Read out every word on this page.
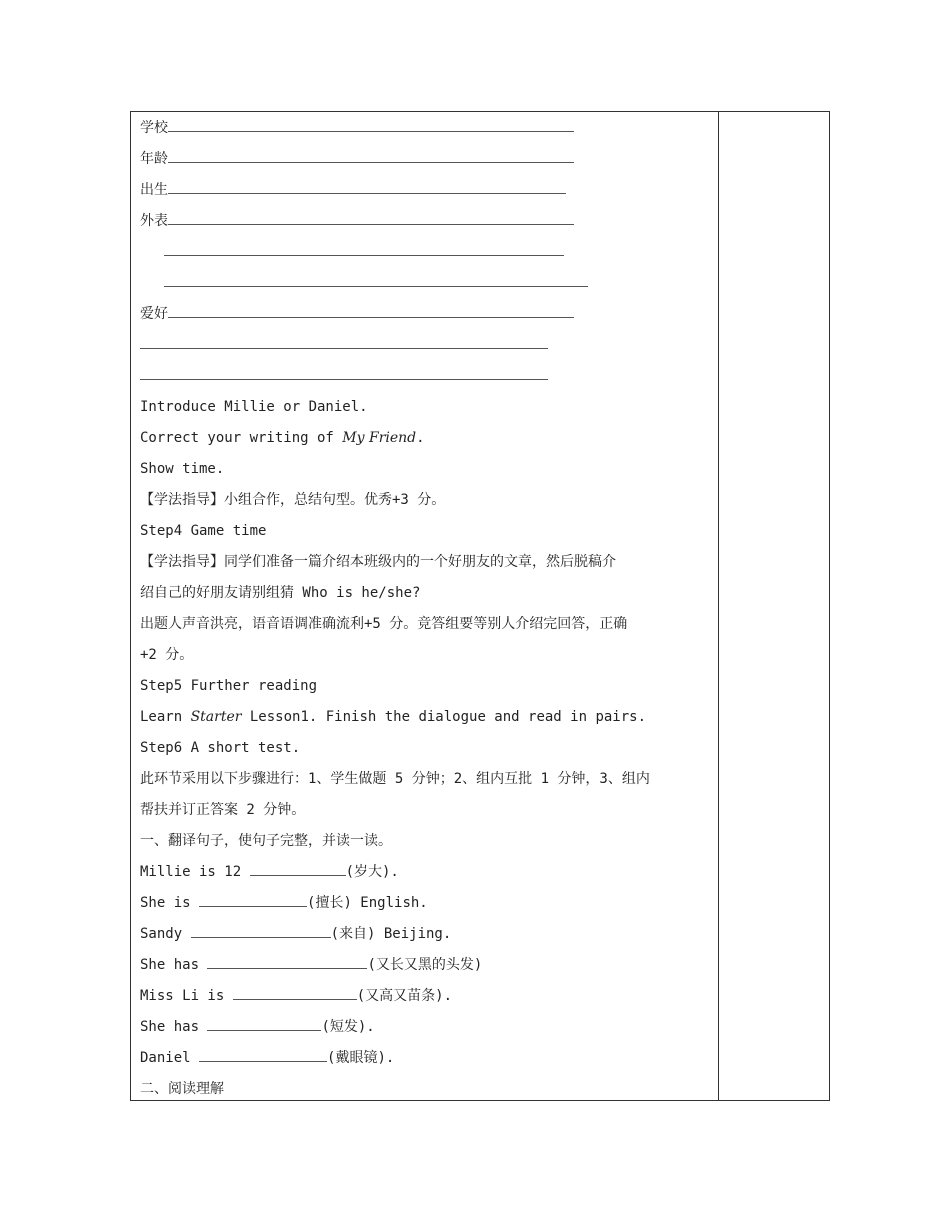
学校
年龄
出生
外表
爱好
Introduce Millie or Daniel.
Correct your writing of My Friend.
Show time.
【学法指导】小组合作，总结句型。优秀+3 分。
Step4 Game time
【学法指导】同学们准备一篇介绍本班级内的一个好朋友的文章，然后脱稿介
绍自己的好朋友请别组猜 Who is he/she?
出题人声音洪亮，语音语调准确流利+5 分。竞答组要等别人介绍完回答，正确
+2 分。
Step5 Further reading
Learn Starter Lesson1. Finish the dialogue and read in pairs.
Step6 A short test.
此环节采用以下步骤进行：1、学生做题 5 分钟；2、组内互批 1 分钟，3、组内
帮扶并订正答案 2 分钟。
一、翻译句子，使句子完整，并读一读。
Millie is 12	(岁大).
She is	(擅长) English.
Sandy	(来自) Beijing.
She has	(又长又黑的头发)
Miss Li is	(又高又苗条).
She has	(短发).
Daniel	(戴眼镜).
二、阅读理解
